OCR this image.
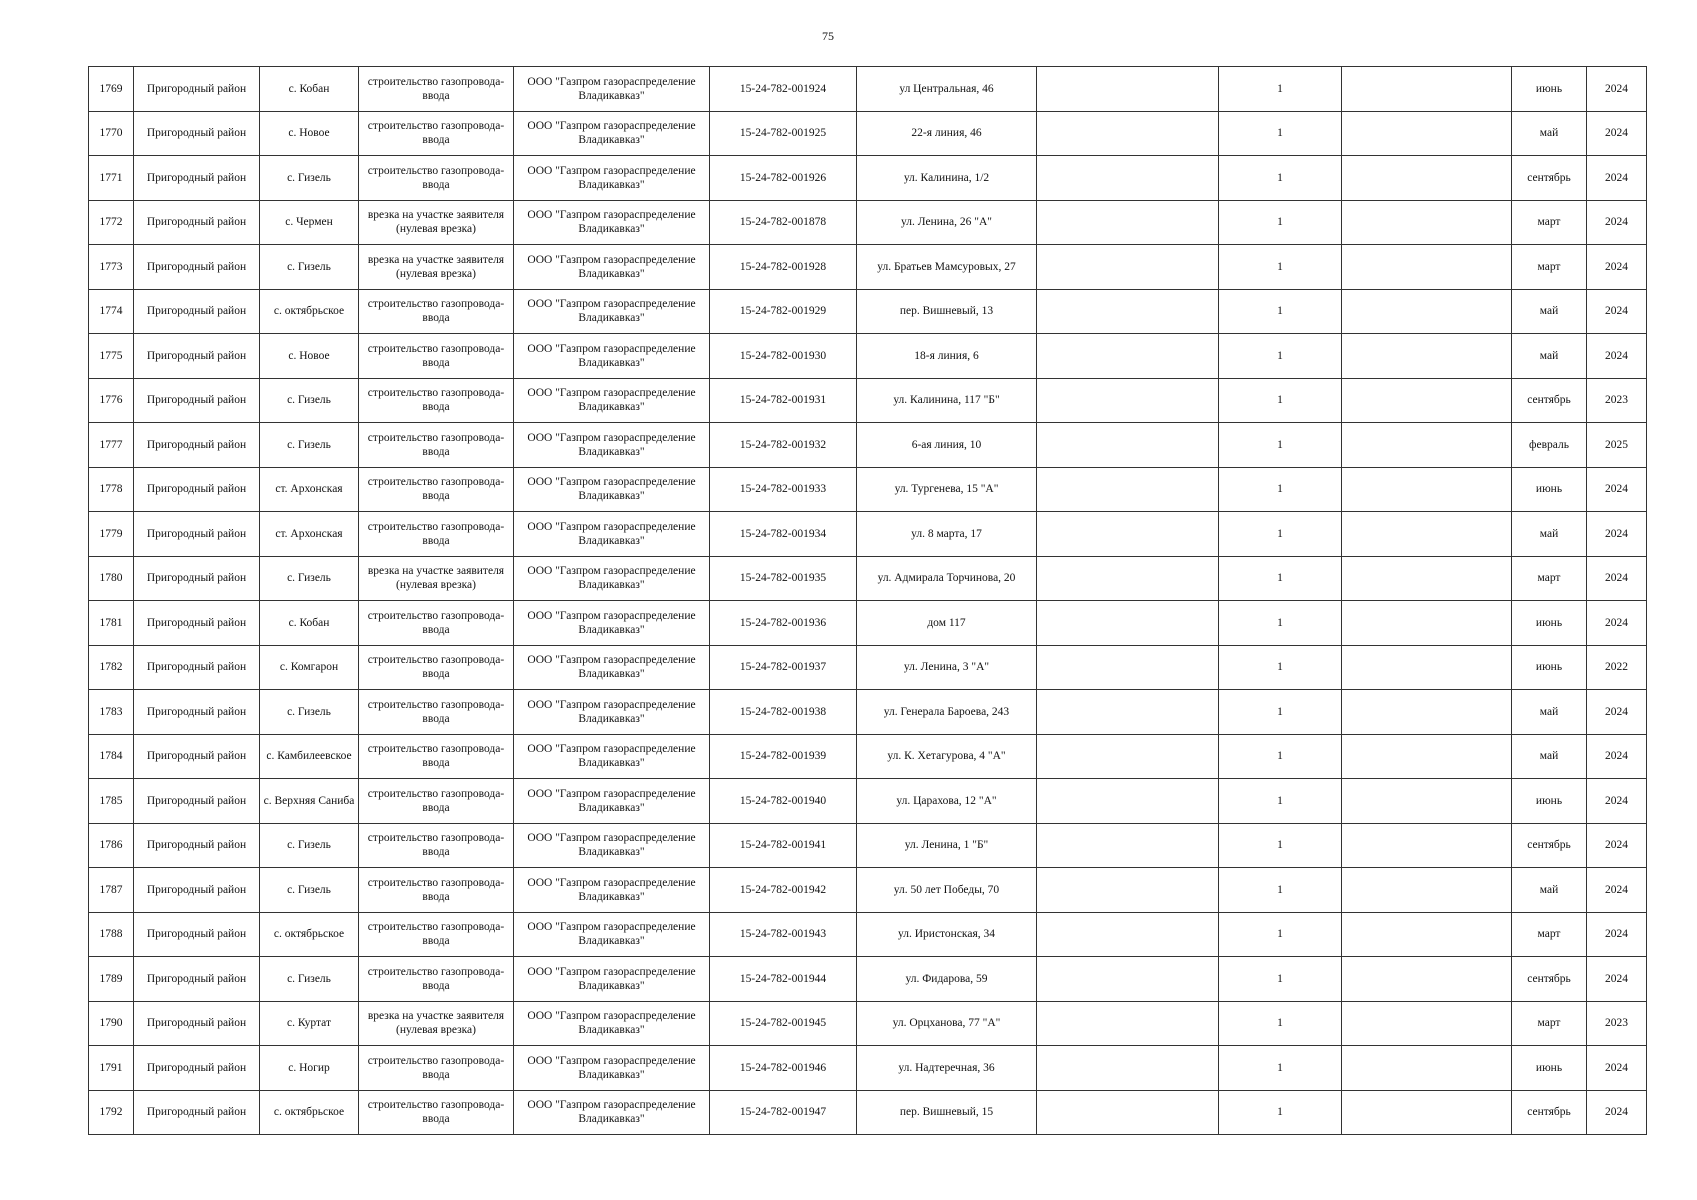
75
1769	Пригородный район	с. Кобан	строительство газопровода-ввода	ООО "Газпром газораспределение Владикавказ"	15-24-782-001924	ул Центральная, 46		1		июнь	2024
1770	Пригородный район	с. Новое	строительство газопровода-ввода	ООО "Газпром газораспределение Владикавказ"	15-24-782-001925	22-я линия, 46		1		май	2024
1771	Пригородный район	с. Гизель	строительство газопровода-ввода	ООО "Газпром газораспределение Владикавказ"	15-24-782-001926	ул. Калинина, 1/2		1		сентябрь	2024
1772	Пригородный район	с. Чермен	врезка на участке заявителя (нулевая врезка)	ООО "Газпром газораспределение Владикавказ"	15-24-782-001878	ул. Ленина, 26 "А"		1		март	2024
1773	Пригородный район	с. Гизель	врезка на участке заявителя (нулевая врезка)	ООО "Газпром газораспределение Владикавказ"	15-24-782-001928	ул. Братьев Мамсуровых, 27		1		март	2024
1774	Пригородный район	с. октябрьское	строительство газопровода-ввода	ООО "Газпром газораспределение Владикавказ"	15-24-782-001929	пер. Вишневый, 13		1		май	2024
1775	Пригородный район	с. Новое	строительство газопровода-ввода	ООО "Газпром газораспределение Владикавказ"	15-24-782-001930	18-я линия, 6		1		май	2024
1776	Пригородный район	с. Гизель	строительство газопровода-ввода	ООО "Газпром газораспределение Владикавказ"	15-24-782-001931	ул. Калинина, 117 "Б"		1		сентябрь	2023
1777	Пригородный район	с. Гизель	строительство газопровода-ввода	ООО "Газпром газораспределение Владикавказ"	15-24-782-001932	6-ая линия, 10		1		февраль	2025
1778	Пригородный район	ст. Архонская	строительство газопровода-ввода	ООО "Газпром газораспределение Владикавказ"	15-24-782-001933	ул. Тургенева, 15 "А"		1		июнь	2024
1779	Пригородный район	ст. Архонская	строительство газопровода-ввода	ООО "Газпром газораспределение Владикавказ"	15-24-782-001934	ул. 8 марта, 17		1		май	2024
1780	Пригородный район	с. Гизель	врезка на участке заявителя (нулевая врезка)	ООО "Газпром газораспределение Владикавказ"	15-24-782-001935	ул. Адмирала Торчинова, 20		1		март	2024
1781	Пригородный район	с. Кобан	строительство газопровода-ввода	ООО "Газпром газораспределение Владикавказ"	15-24-782-001936	дом 117		1		июнь	2024
1782	Пригородный район	с. Комгарон	строительство газопровода-ввода	ООО "Газпром газораспределение Владикавказ"	15-24-782-001937	ул. Ленина, 3 "А"		1		июнь	2022
1783	Пригородный район	с. Гизель	строительство газопровода-ввода	ООО "Газпром газораспределение Владикавказ"	15-24-782-001938	ул. Генерала Бароева, 243		1		май	2024
1784	Пригородный район	с. Камбилеевское	строительство газопровода-ввода	ООО "Газпром газораспределение Владикавказ"	15-24-782-001939	ул. К. Хетагурова, 4 "А"		1		май	2024
1785	Пригородный район	с. Верхняя Саниба	строительство газопровода-ввода	ООО "Газпром газораспределение Владикавказ"	15-24-782-001940	ул. Царахова, 12 "А"		1		июнь	2024
1786	Пригородный район	с. Гизель	строительство газопровода-ввода	ООО "Газпром газораспределение Владикавказ"	15-24-782-001941	ул. Ленина, 1 "Б"		1		сентябрь	2024
1787	Пригородный район	с. Гизель	строительство газопровода-ввода	ООО "Газпром газораспределение Владикавказ"	15-24-782-001942	ул. 50 лет Победы, 70		1		май	2024
1788	Пригородный район	с. октябрьское	строительство газопровода-ввода	ООО "Газпром газораспределение Владикавказ"	15-24-782-001943	ул. Иристонская, 34		1		март	2024
1789	Пригородный район	с. Гизель	строительство газопровода-ввода	ООО "Газпром газораспределение Владикавказ"	15-24-782-001944	ул. Фидарова, 59		1		сентябрь	2024
1790	Пригородный район	с. Куртат	врезка на участке заявителя (нулевая врезка)	ООО "Газпром газораспределение Владикавказ"	15-24-782-001945	ул. Орцханова, 77 "А"		1		март	2023
1791	Пригородный район	с. Ногир	строительство газопровода-ввода	ООО "Газпром газораспределение Владикавказ"	15-24-782-001946	ул. Надтеречная, 36		1		июнь	2024
1792	Пригородный район	с. октябрьское	строительство газопровода-ввода	ООО "Газпром газораспределение Владикавказ"	15-24-782-001947	пер. Вишневый, 15		1		сентябрь	2024
